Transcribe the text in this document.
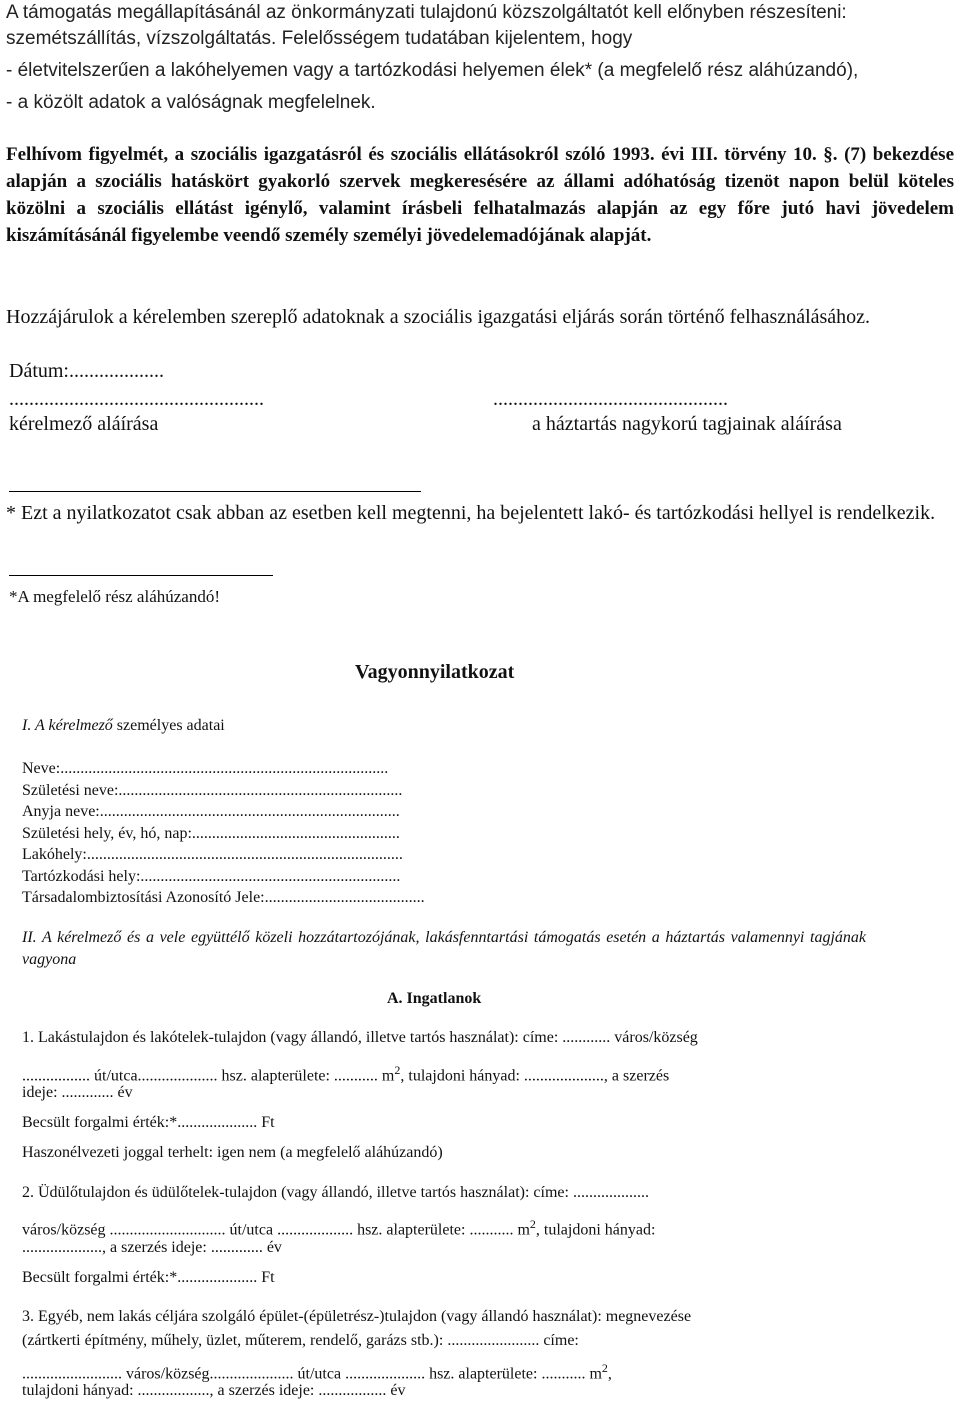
A támogatás megállapításánál az önkormányzati tulajdonú közszolgáltatót kell előnyben részesíteni:
szemétszállítás, vízszolgáltatás. Felelősségem tudatában kijelentem, hogy
- életvitelszerűen a lakóhelyemen vagy a tartózkodási helyemen élek* (a megfelelő rész aláhúzandó),
- a közölt adatok a valóságnak megfelelnek.
Felhívom figyelmét, a szociális igazgatásról és szociális ellátásokról szóló 1993. évi III. törvény 10. §. (7) bekezdése alapján a szociális hatáskört gyakorló szervek megkeresésére az állami adóhatóság tizenöt napon belül köteles közölni a szociális ellátást igénylő, valamint írásbeli felhatalmazás alapján az egy főre jutó havi jövedelem kiszámításánál figyelembe veendő személy személyi jövedelemadójának alapját.
Hozzájárulok a kérelemben szereplő adatoknak a szociális igazgatási eljárás során történő felhasználásához.
Dátum:...................
...................................................	...............................................
kérelmező aláírása	a háztartás nagykorú tagjainak aláírása
* Ezt a nyilatkozatot csak abban az esetben kell megtenni, ha bejelentett lakó- és tartózkodási hellyel is rendelkezik.
*A megfelelő rész aláhúzandó!
Vagyonnyilatkozat
I. A kérelmező személyes adatai
Neve:..................................................................................
Születési neve:.......................................................................
Anyja neve:...........................................................................
Születési hely, év, hó, nap:....................................................
Lakóhely:...............................................................................
Tartózkodási hely:.................................................................
Társadalombiztosítási Azonosító Jele:........................................
II. A kérelmező és a vele együttélő közeli hozzátartozójának, lakásfenntartási támogatás esetén a háztartás valamennyi tagjának vagyona
A. Ingatlanok
1. Lakástulajdon és lakótelek-tulajdon (vagy állandó, illetve tartós használat): címe: ............ város/község
................. út/utca.................... hsz. alapterülete: ........... $m^2$, tulajdoni hányad: ...................., a szerzés
ideje: ............. év
Becsült forgalmi érték:*.................... Ft
Haszonélvezeti joggal terhelt: igen nem (a megfelelő aláhúzandó)
2. Üdülőtulajdon és üdülőtelek-tulajdon (vagy állandó, illetve tartós használat): címe: ...................
város/község ............................. út/utca ................... hsz. alapterülete: ........... $m^2$, tulajdoni hányad:
...................., a szerzés ideje: ............. év
Becsült forgalmi érték:*.................... Ft
3. Egyéb, nem lakás céljára szolgáló épület-(épületrész-)tulajdon (vagy állandó használat): megnevezése
(zártkerti építmény, műhely, üzlet, műterem, rendelő, garázs stb.): ....................... címe:
......................... város/község..................... út/utca .................... hsz. alapterülete: ........... $m^2$,
tulajdoni hányad: .................., a szerzés ideje: ................. év
